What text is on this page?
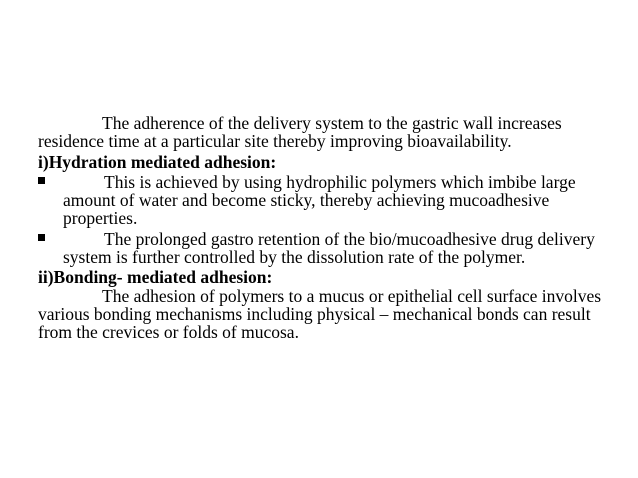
The adherence of the delivery system to the gastric wall increases residence time at a particular site thereby improving bioavailability.

i)Hydration mediated adhesion:

This is achieved by using hydrophilic polymers which imbibe large amount of water and become sticky, thereby achieving mucoadhesive properties.
The prolonged gastro retention of the bio/mucoadhesive drug delivery system is further controlled by the dissolution rate of the polymer.

ii)Bonding- mediated adhesion:

The adhesion of polymers to a mucus or epithelial cell surface involves various bonding mechanisms including physical – mechanical bonds can result from the crevices or folds of mucosa.
